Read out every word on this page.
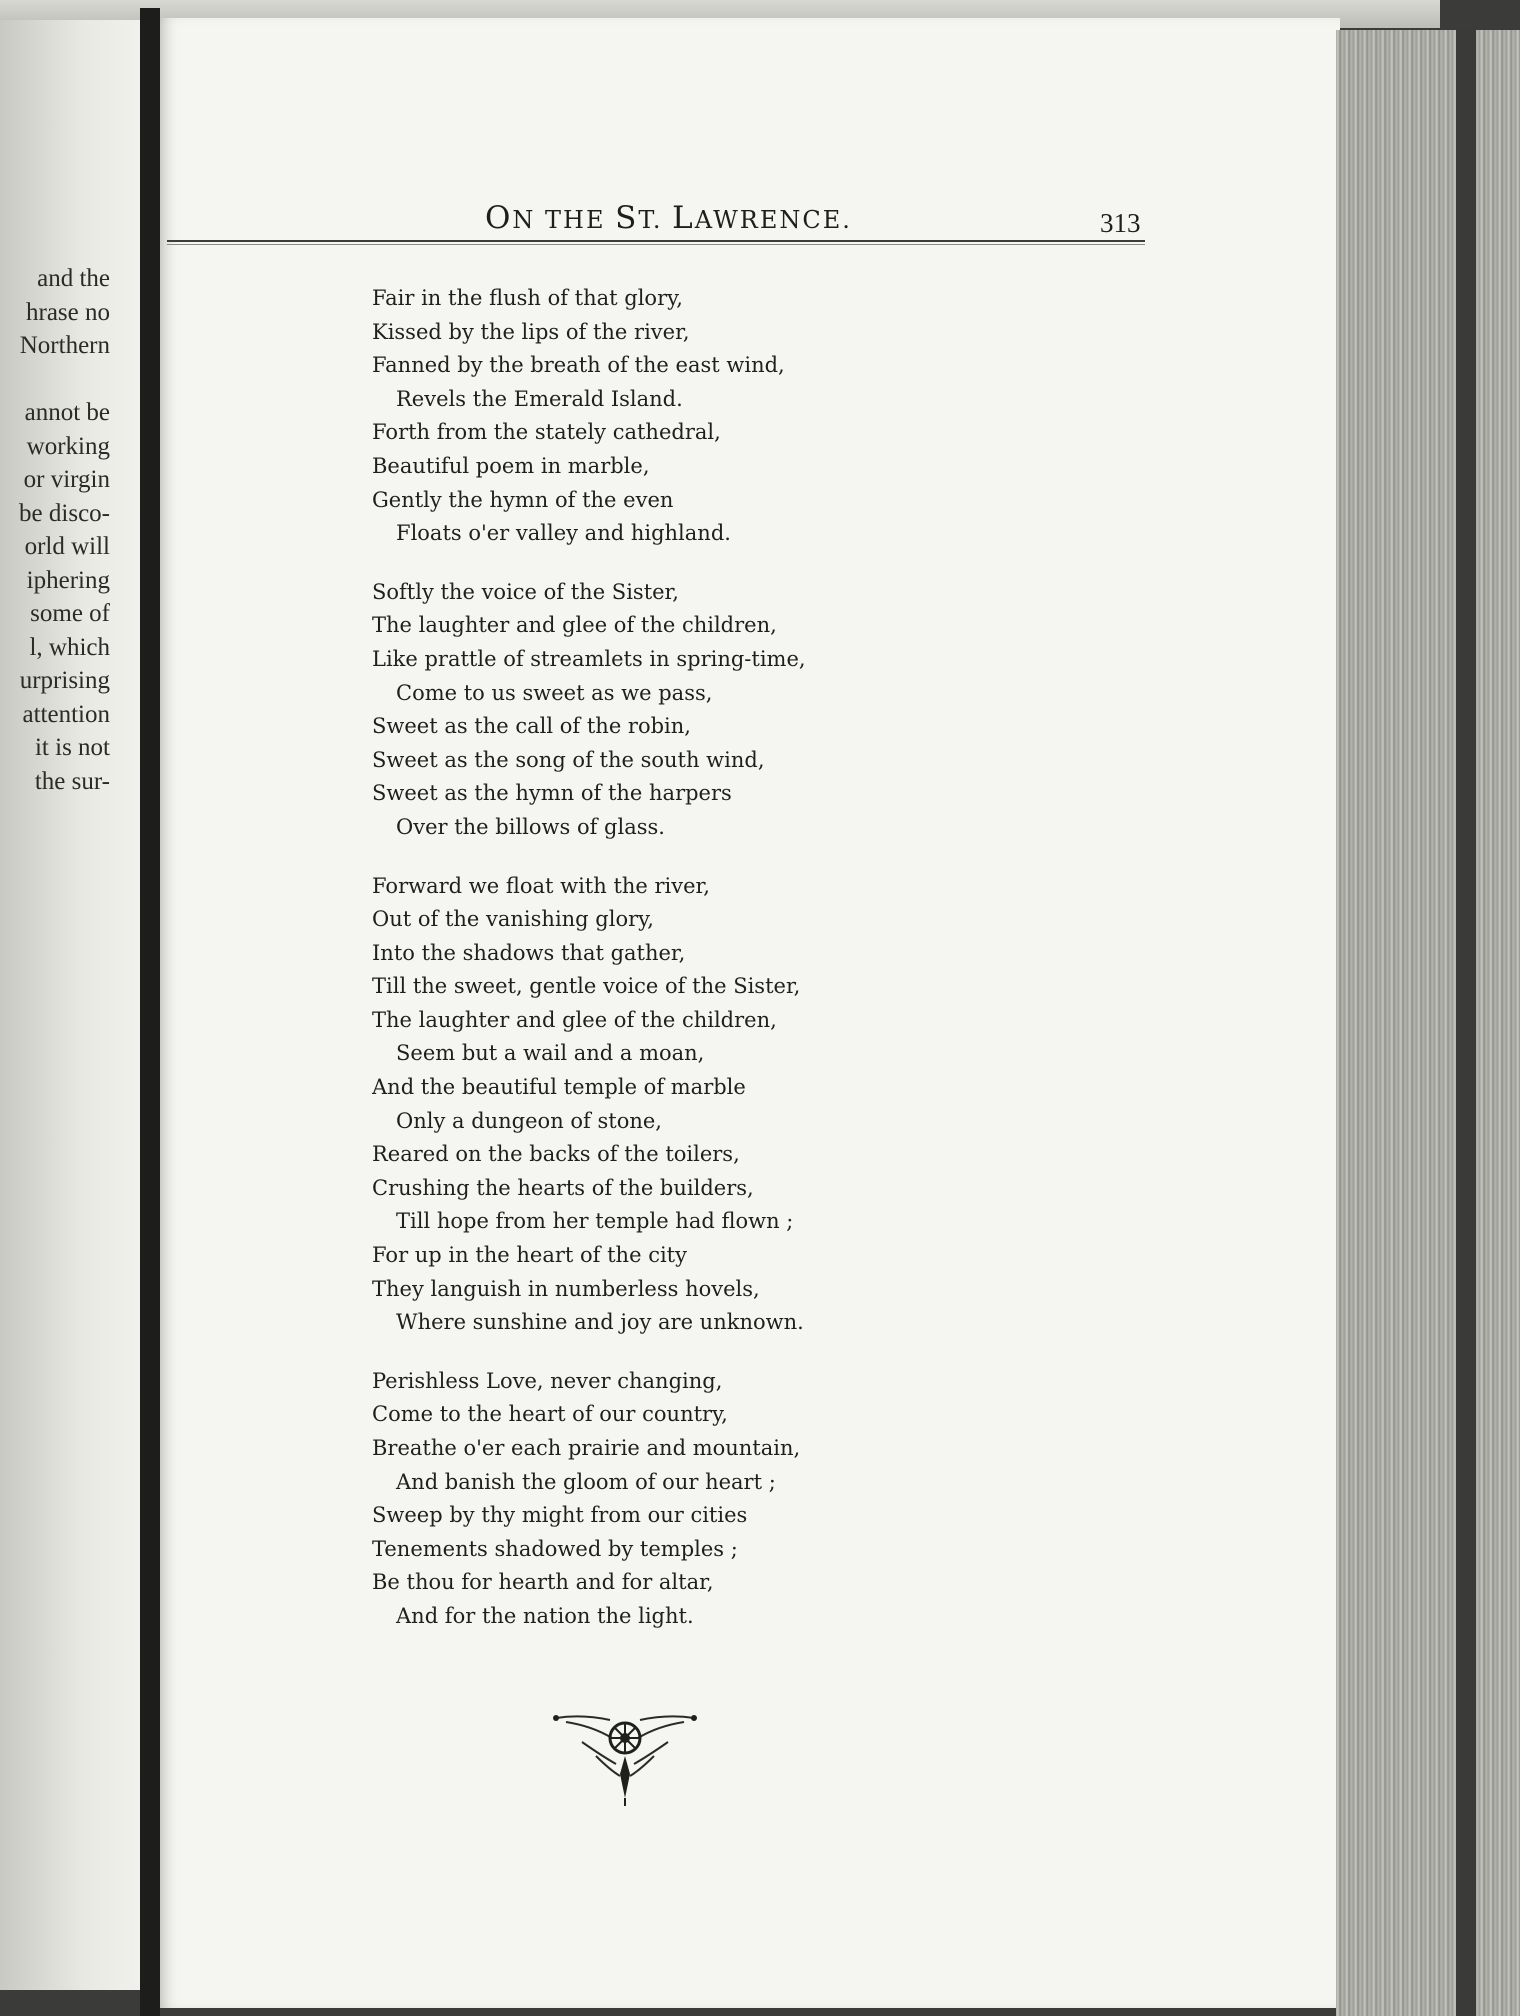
and the
hrase no
Northern
annot be
working
or virgin
be disco-
orld will
iphering
some of
l, which
urprising
attention
it is not
the sur-
ON THE ST. LAWRENCE.	313
Fair in the flush of that glory,
Kissed by the lips of the river,
Fanned by the breath of the east wind,
Revels the Emerald Island.
Forth from the stately cathedral,
Beautiful poem in marble,
Gently the hymn of the even
Floats o'er valley and highland.
Softly the voice of the Sister,
The laughter and glee of the children,
Like prattle of streamlets in spring-time,
Come to us sweet as we pass,
Sweet as the call of the robin,
Sweet as the song of the south wind,
Sweet as the hymn of the harpers
Over the billows of glass.
Forward we float with the river,
Out of the vanishing glory,
Into the shadows that gather,
Till the sweet, gentle voice of the Sister,
The laughter and glee of the children,
Seem but a wail and a moan,
And the beautiful temple of marble
Only a dungeon of stone,
Reared on the backs of the toilers,
Crushing the hearts of the builders,
Till hope from her temple had flown ;
For up in the heart of the city
They languish in numberless hovels,
Where sunshine and joy are unknown.
Perishless Love, never changing,
Come to the heart of our country,
Breathe o'er each prairie and mountain,
And banish the gloom of our heart ;
Sweep by thy might from our cities
Tenements shadowed by temples ;
Be thou for hearth and for altar,
And for the nation the light.
